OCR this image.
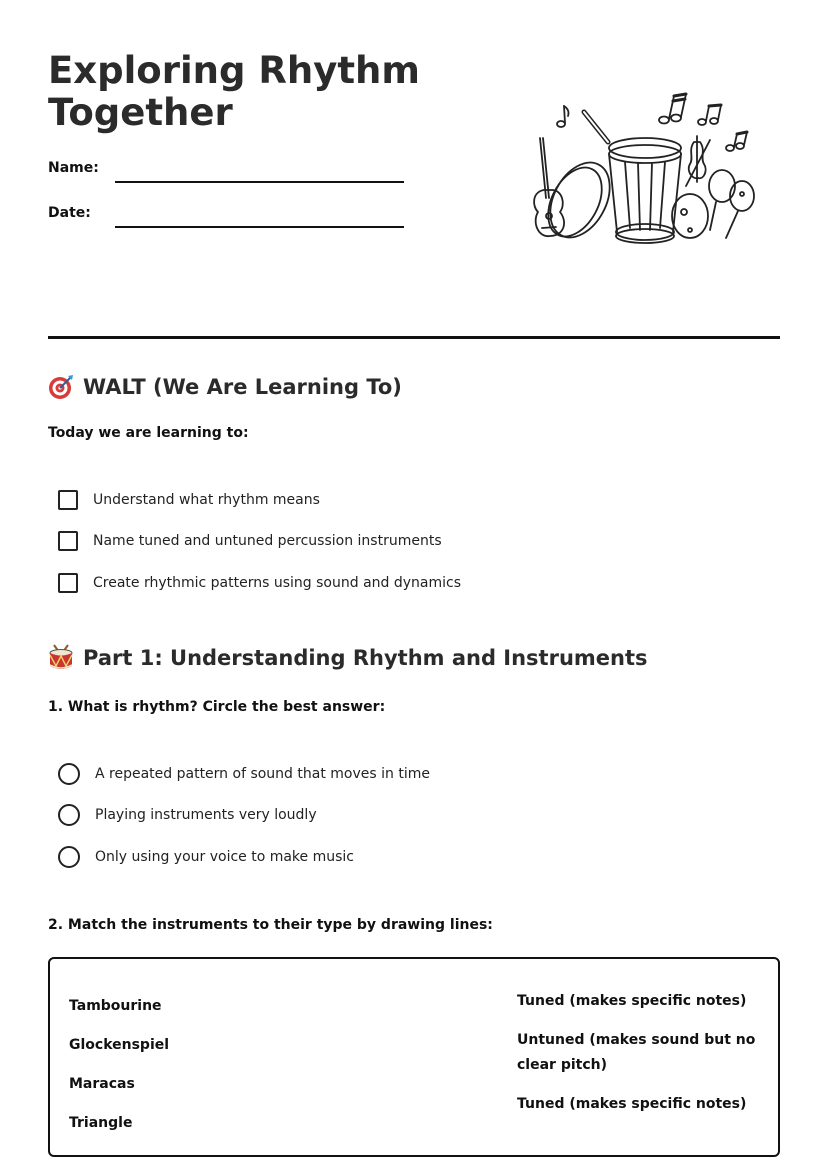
Exploring Rhythm Together
Name:
Date:
WALT (We Are Learning To)
Today we are learning to:
Understand what rhythm means
Name tuned and untuned percussion instruments
Create rhythmic patterns using sound and dynamics
Part 1: Understanding Rhythm and Instruments
1. What is rhythm? Circle the best answer:
A repeated pattern of sound that moves in time
Playing instruments very loudly
Only using your voice to make music
2. Match the instruments to their type by drawing lines:
Tambourine
Glockenspiel
Maracas
Triangle
Tuned (makes specific notes)
Untuned (makes sound but no clear pitch)
Tuned (makes specific notes)
